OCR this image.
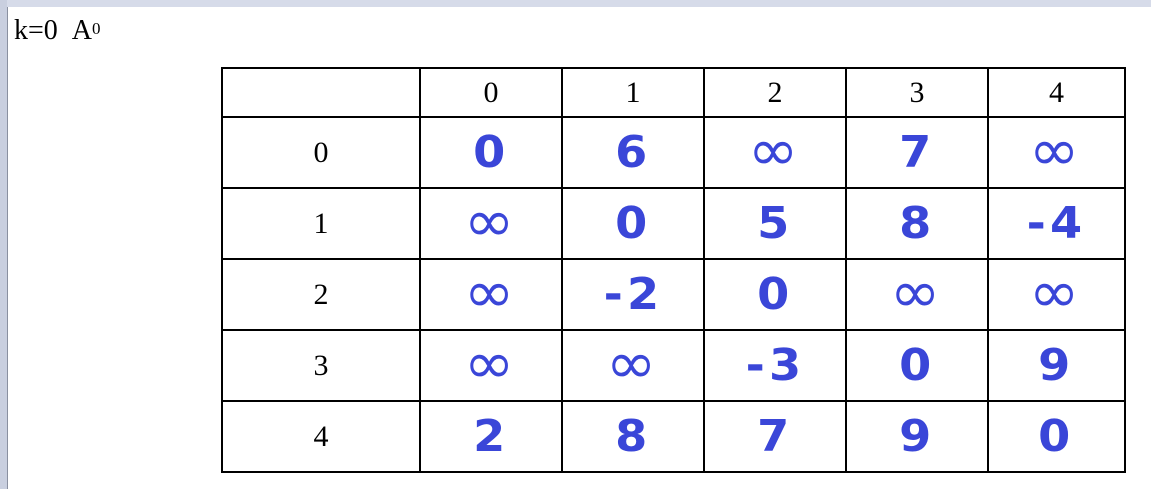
k=0 $A^0$
	0	1	2	3	4
0	0	6	∞	7	∞
1	∞	0	5	8	-4
2	∞	-2	0	∞	∞
3	∞	∞	-3	0	9
4	2	8	7	9	0
